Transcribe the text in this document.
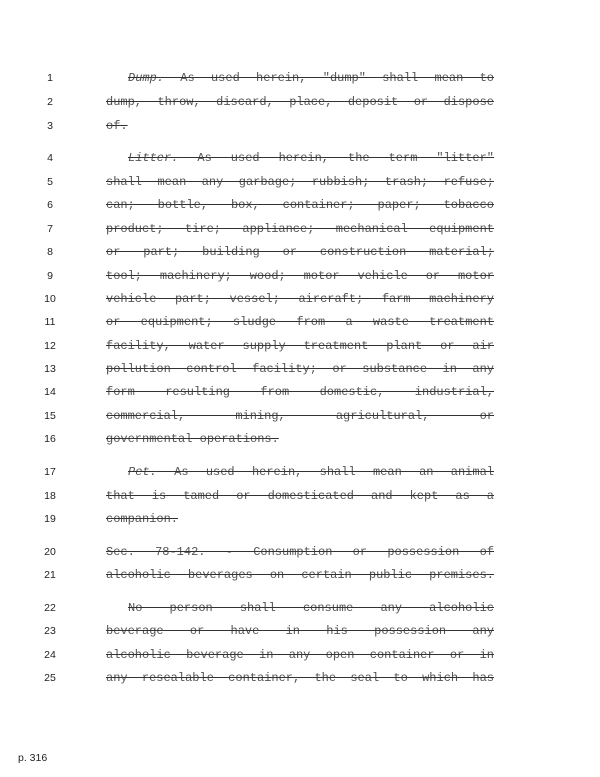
1	Dump. As used herein, "dump" shall mean to
2	dump, throw, discard, place, deposit or dispose
3	of.
4	Litter. As used herein, the term "litter"
5	shall mean any garbage; rubbish; trash; refuse;
6	can; bottle, box, container; paper; tobacco
7	product; tire; appliance; mechanical equipment
8	or part; building or construction material;
9	tool; machinery; wood; motor vehicle or motor
10	vehicle part; vessel; aircraft; farm machinery
11	or equipment; sludge from a waste treatment
12	facility, water supply treatment plant or air
13	pollution control facility; or substance in any
14	form resulting from domestic, industrial,
15	commercial, mining, agricultural, or
16	governmental operations.
17	Pet. As used herein, shall mean an animal
18	that is tamed or domesticated and kept as a
19	companion.
20	Sec. 78-142. - Consumption or possession of
21	alcoholic beverages on certain public premises.
22	No person shall consume any alcoholic
23	beverage or have in his possession any
24	alcoholic beverage in any open container or in
25	any resealable container, the seal to which has
p. 316
